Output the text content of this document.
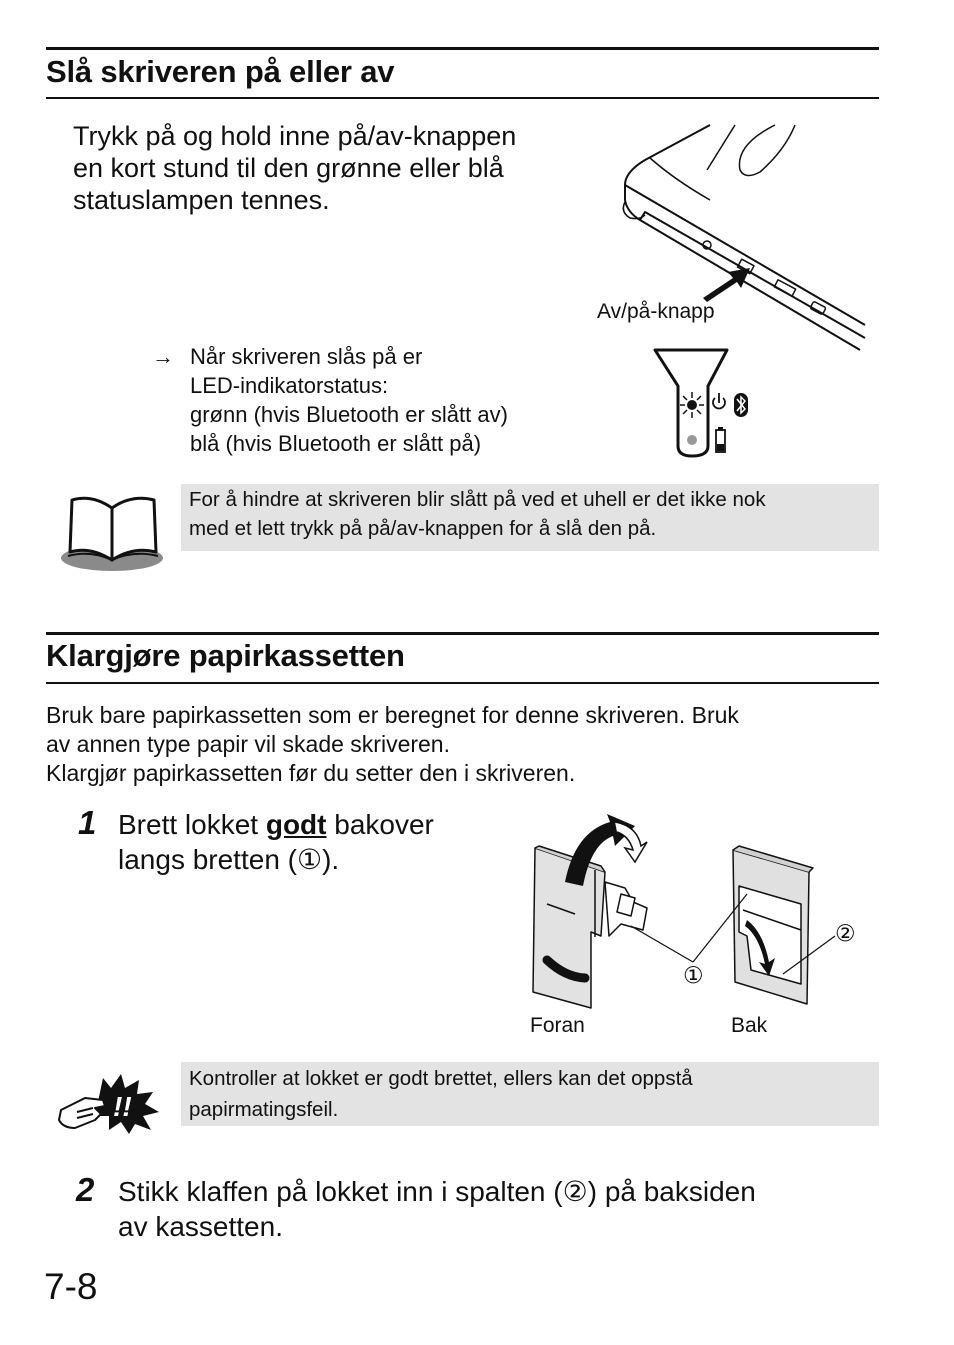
Slå skriveren på eller av
Trykk på og hold inne på/av-knappen
en kort stund til den grønne eller blå
statuslampen tennes.
Av/på-knapp
→ Når skriveren slås på er
LED-indikatorstatus:
grønn (hvis Bluetooth er slått av)
blå (hvis Bluetooth er slått på)
For å hindre at skriveren blir slått på ved et uhell er det ikke nok
med et lett trykk på på/av-knappen for å slå den på.
Klargjøre papirkassetten
Bruk bare papirkassetten som er beregnet for denne skriveren. Bruk
av annen type papir vil skade skriveren.
Klargjør papirkassetten før du setter den i skriveren.
1 Brett lokket godt bakover
langs bretten (①).
①
②
Foran	Bak
!!
Kontroller at lokket er godt brettet, ellers kan det oppstå
papirmatingsfeil.
2 Stikk klaffen på lokket inn i spalten (②) på baksiden
av kassetten.
7-8
